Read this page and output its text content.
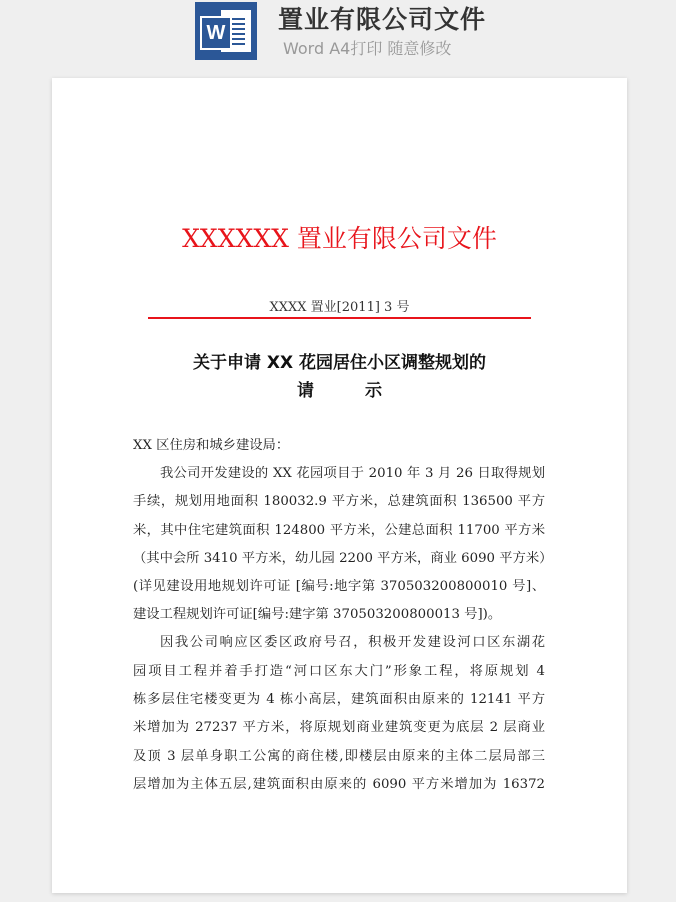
W 置业有限公司文件
Word A4打印 随意修改
XXXXXX 置业有限公司文件
XXXX 置业[2011] 3 号
关于申请 XX 花园居住小区调整规划的
请　　　示
XX 区住房和城乡建设局：
我公司开发建设的 XX 花园项目于 2010 年 3 月 26 日取得规划
手续，规划用地面积 180032.9 平方米，总建筑面积 136500 平方
米，其中住宅建筑面积 124800 平方米，公建总面积 11700 平方米
（其中会所 3410 平方米，幼儿园 2200 平方米，商业 6090 平方米）
(详见建设用地规划许可证 [编号:地字第 370503200800010 号]、
建设工程规划许可证[编号:建字第 370503200800013 号])。
因我公司响应区委区政府号召，积极开发建设河口区东湖花
园项目工程并着手打造“河口区东大门”形象工程，将原规划 4
栋多层住宅楼变更为 4 栋小高层，建筑面积由原来的 12141 平方
米增加为 27237 平方米，将原规划商业建筑变更为底层 2 层商业
及顶 3 层单身职工公寓的商住楼,即楼层由原来的主体二层局部三
层增加为主体五层,建筑面积由原来的 6090 平方米增加为 16372
